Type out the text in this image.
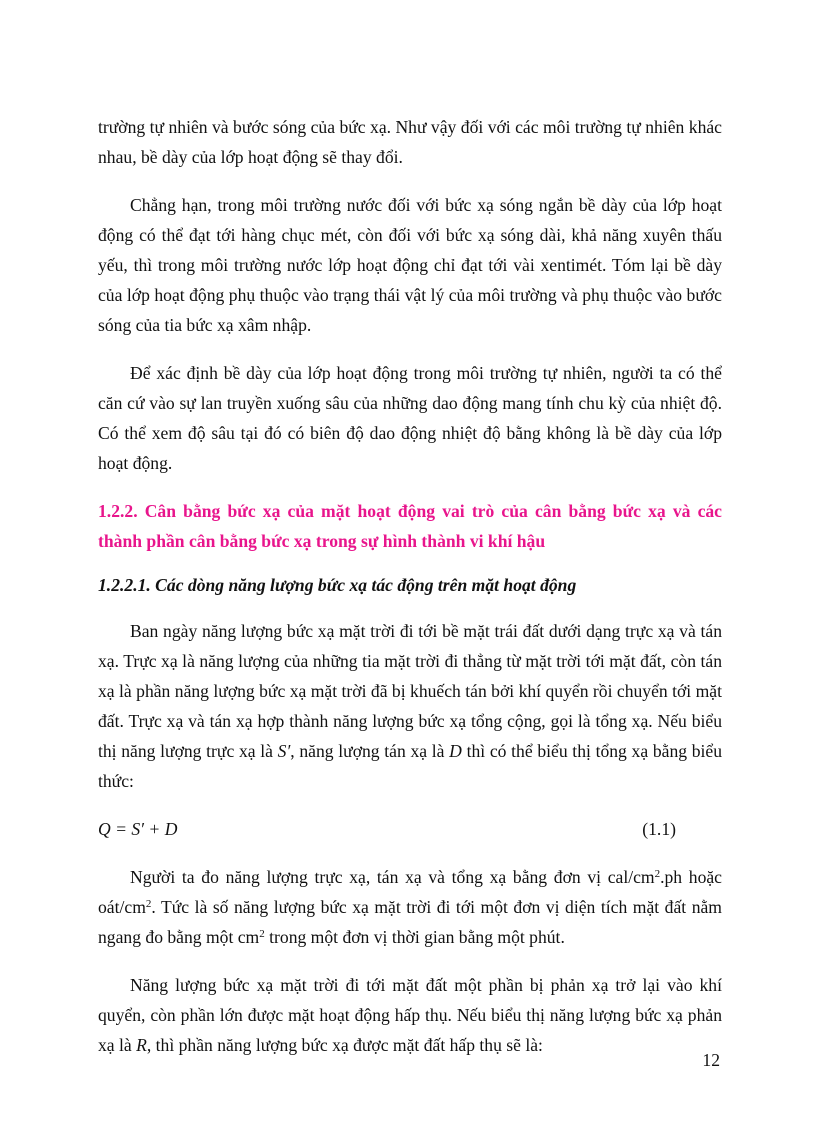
trường tự nhiên và bước sóng của bức xạ. Như vậy đối với các môi trường tự nhiên khác nhau, bề dày của lớp hoạt động sẽ thay đổi.

Chẳng hạn, trong môi trường nước đối với bức xạ sóng ngắn bề dày của lớp hoạt động có thể đạt tới hàng chục mét, còn đối với bức xạ sóng dài, khả năng xuyên thấu yếu, thì trong môi trường nước lớp hoạt động chỉ đạt tới vài xentimét. Tóm lại bề dày của lớp hoạt động phụ thuộc vào trạng thái vật lý của môi trường và phụ thuộc vào bước sóng của tia bức xạ xâm nhập.

Để xác định bề dày của lớp hoạt động trong môi trường tự nhiên, người ta có thể căn cứ vào sự lan truyền xuống sâu của những dao động mang tính chu kỳ của nhiệt độ. Có thể xem độ sâu tại đó có biên độ dao động nhiệt độ bằng không là bề dày của lớp hoạt động.

1.2.2. Cân bằng bức xạ của mặt hoạt động vai trò của cân bằng bức xạ và các thành phần cân bằng bức xạ trong sự hình thành vi khí hậu
1.2.2.1. Các dòng năng lượng bức xạ tác động trên mặt hoạt động

Ban ngày năng lượng bức xạ mặt trời đi tới bề mặt trái đất dưới dạng trực xạ và tán xạ. Trực xạ là năng lượng của những tia mặt trời đi thẳng từ mặt trời tới mặt đất, còn tán xạ là phần năng lượng bức xạ mặt trời đã bị khuếch tán bởi khí quyển rồi chuyển tới mặt đất. Trực xạ và tán xạ hợp thành năng lượng bức xạ tổng cộng, gọi là tổng xạ. Nếu biểu thị năng lượng trực xạ là S′, năng lượng tán xạ là D thì có thể biểu thị tổng xạ bằng biểu thức:

Q = S′ + D	(1.1)

Người ta đo năng lượng trực xạ, tán xạ và tổng xạ bằng đơn vị cal/$cm^2.ph$ hoặc oát/$cm^2$. Tức là số năng lượng bức xạ mặt trời đi tới một đơn vị diện tích mặt đất nằm ngang đo bằng một $cm^2$ trong một đơn vị thời gian bằng một phút.

Năng lượng bức xạ mặt trời đi tới mặt đất một phần bị phản xạ trở lại vào khí quyển, còn phần lớn được mặt hoạt động hấp thụ. Nếu biểu thị năng lượng bức xạ phản xạ là R, thì phần năng lượng bức xạ được mặt đất hấp thụ sẽ là:

12
